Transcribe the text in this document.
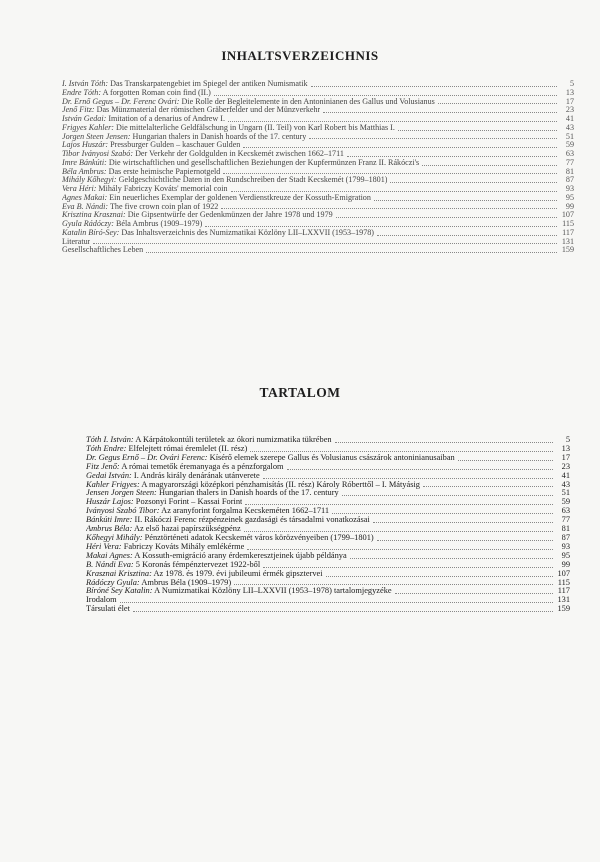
INHALTSVERZEICHNIS
I. István Tóth: Das Transkarpatengebiet im Spiegel der antiken Numismatik	5
Endre Tóth: A forgotten Roman coin find (II.)	13
Dr. Ernő Gegus – Dr. Ferenc Óvári: Die Rolle der Begleitelemente in den Antoninianen des Gallus und Volusianus	17
Jenő Fitz: Das Münzmaterial der römischen Gräberfelder und der Münzverkehr	23
István Gedai: Imitation of a denarius of Andrew I.	41
Frigyes Kahler: Die mittelalterliche Geldfälschung in Ungarn (II. Teil) von Karl Robert bis Matthias I.	43
Jorgen Steen Jensen: Hungarian thalers in Danish hoards of the 17. century	51
Lajos Huszár: Pressburger Gulden – kaschauer Gulden	59
Tibor Iványosi Szabó: Der Verkehr der Goldgulden in Kecskemét zwischen 1662–1711	63
Imre Bánkúti: Die wirtschaftlichen und gesellschaftlichen Beziehungen der Kupfermünzen Franz II. Rákóczi's	77
Béla Ambrus: Das erste heimische Papiernotgeld	81
Mihály Kőhegyi: Geldgeschichtliche Daten in den Rundschreiben der Stadt Kecskemét (1799–1801)	87
Vera Héri: Mihály Fabriczy Kováts' memorial coin	93
Ágnes Makai: Ein neuerliches Exemplar der goldenen Verdienstkreuze der Kossuth-Emigration	95
Éva B. Nándi: The five crown coin plan of 1922	99
Krisztina Krasznai: Die Gipsentwürfe der Gedenkmünzen der Jahre 1978 und 1979	107
Gyula Rádóczy: Béla Ambrus (1909–1979)	115
Katalin Bíró-Sey: Das Inhaltsverzeichnis des Numizmatikai Közlöny LII–LXXVII (1953–1978)	117
Literatur	131
Gesellschaftliches Leben	159
TARTALOM
Tóth I. István: A Kárpátokontúli területek az ókori numizmatika tükrében	5
Tóth Endre: Elfelejtett római éremlelet (II. rész)	13
Dr. Gegus Ernő – Dr. Óvári Ferenc: Kísérő elemek szerepe Gallus és Volusianus császárok antoninianusaiban	17
Fitz Jenő: A római temetők éremanyaga és a pénzforgalom	23
Gedai István: I. András király denárának utánverete	41
Kahler Frigyes: A magyarországi középkori pénzhamisítás (II. rész) Károly Róberttől – I. Mátyásig	43
Jensen Jorgen Steen: Hungarian thalers in Danish hoards of the 17. century	51
Huszár Lajos: Pozsonyi Forint – Kassai Forint	59
Iványosi Szabó Tibor: Az aranyforint forgalma Kecskeméten 1662–1711	63
Bánkúti Imre: II. Rákóczi Ferenc rézpénzeinek gazdasági és társadalmi vonatkozásai	77
Ambrus Béla: Az első hazai papírszükségpénz	81
Kőhegyi Mihály: Pénztörténeti adatok Kecskemét város körözvényeiben (1799–1801)	87
Héri Vera: Fabriczy Kováts Mihály emlékérme	93
Makai Ágnes: A Kossuth-emigráció arany érdemkeresztjeinek újabb példánya	95
B. Nándi Éva: 5 Koronás fémpénztervezet 1922-ből	99
Krasznai Krisztina: Az 1978. és 1979. évi jubileumi érmék gipsztervei	107
Rádóczy Gyula: Ambrus Béla (1909–1979)	115
Bíróné Sey Katalin: A Numizmatikai Közlöny LII–LXXVII (1953–1978) tartalomjegyzéke	117
Irodalom	131
Társulati élet	159
